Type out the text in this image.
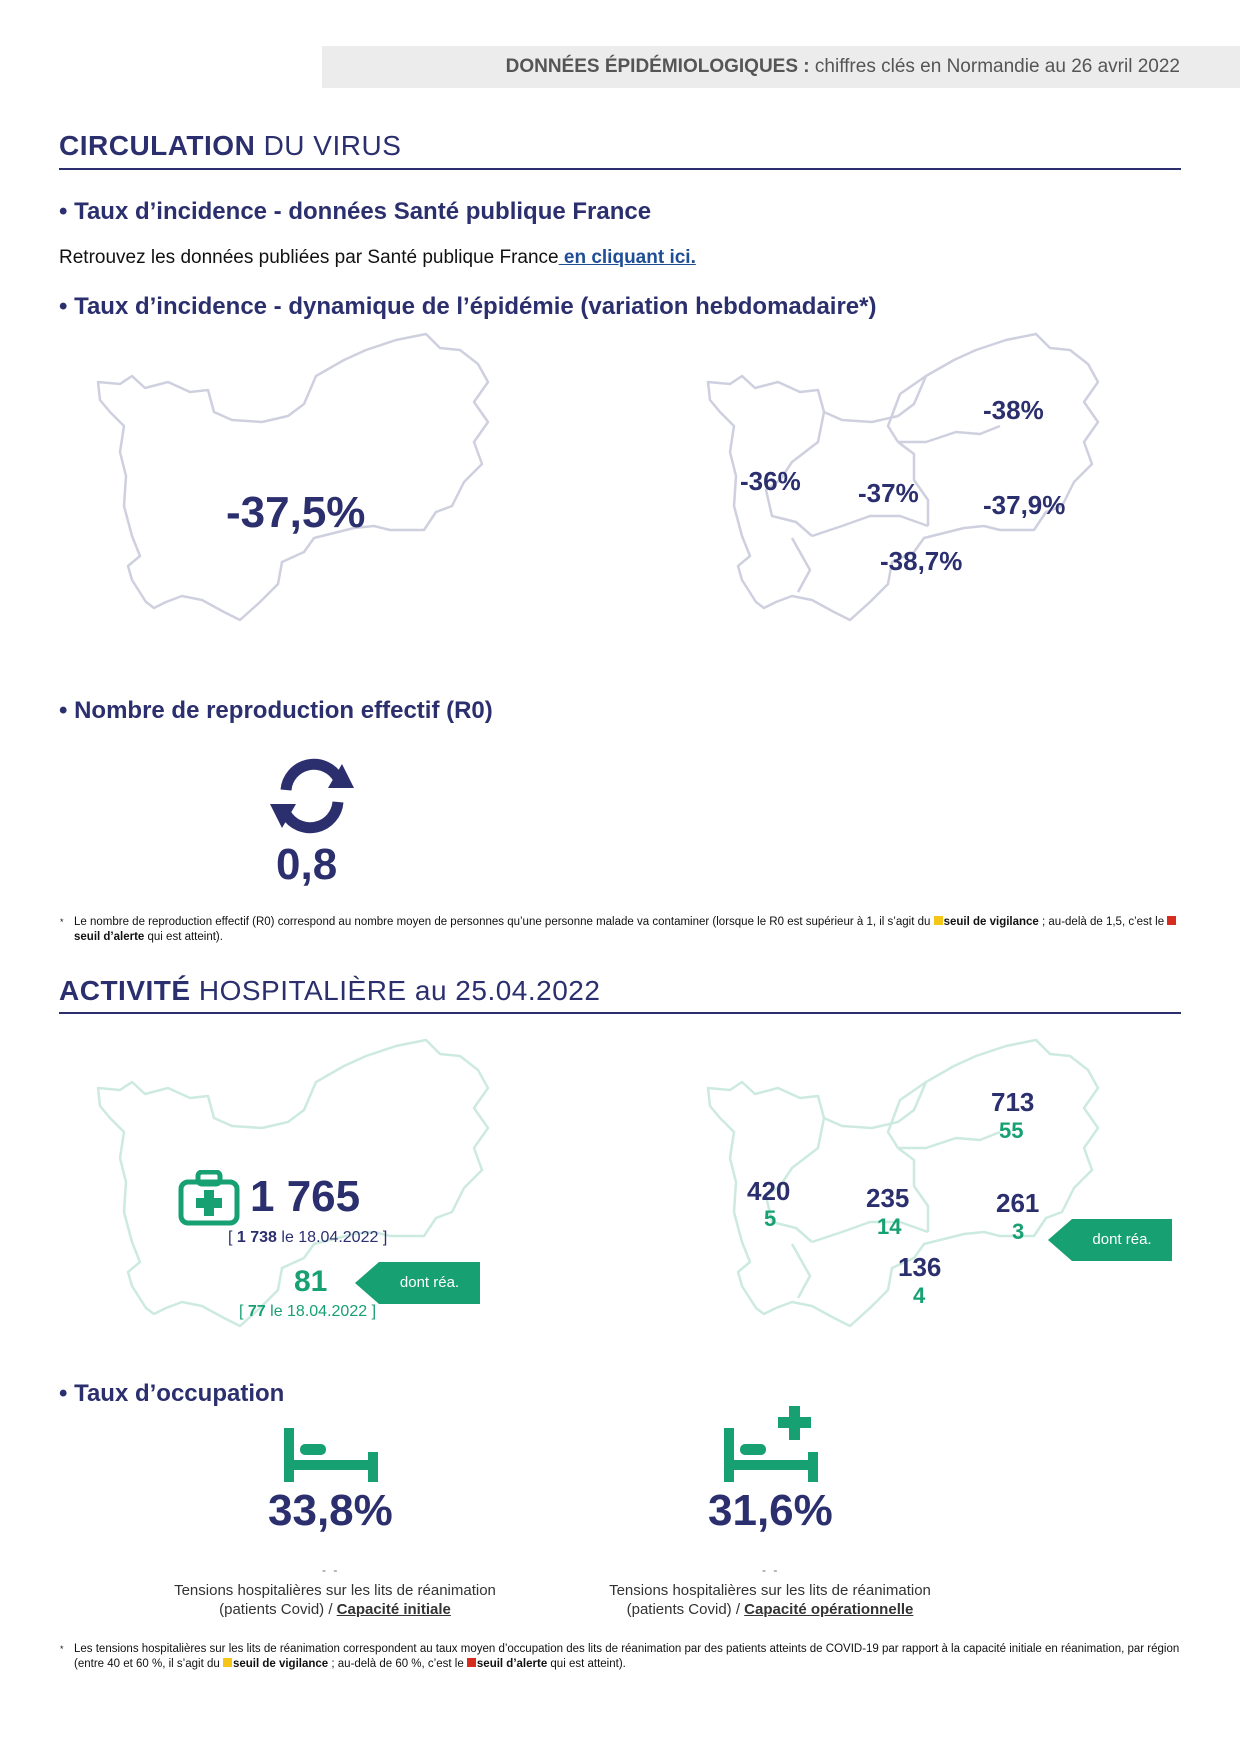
DONNÉES ÉPIDÉMIOLOGIQUES : chiffres clés en Normandie au 26 avril 2022
CIRCULATION DU VIRUS
• Taux d’incidence - données Santé publique France
Retrouvez les données publiées par Santé publique France en cliquant ici.
• Taux d’incidence - dynamique de l’épidémie (variation hebdomadaire*)
-37,5%
-36% -37%
-38%
-37,9%
-38,7%
• Nombre de reproduction effectif (R0)
0,8
* Le nombre de reproduction effectif (R0) correspond au nombre moyen de personnes qu’une personne malade va contaminer (lorsque le R0 est supérieur à 1, il s’agit du seuil de vigilance ; au-delà de 1,5, c’est le seuil d’alerte qui est atteint).
ACTIVITÉ HOSPITALIÈRE au 25.04.2022
1 765
[ 1 738 le 18.04.2022 ]
81
[ 77 le 18.04.2022 ]
dont réa.
420
5
235
14
713
55
261
3
136
4
dont réa.
• Taux d’occupation
33,8%	31,6%
- -
Tensions hospitalières sur les lits de réanimation
(patients Covid) / Capacité initiale
- -
Tensions hospitalières sur les lits de réanimation
(patients Covid) / Capacité opérationnelle
* Les tensions hospitalières sur les lits de réanimation correspondent au taux moyen d’occupation des lits de réanimation par des patients atteints de COVID-19 par rapport à la capacité initiale en réanimation, par région (entre 40 et 60 %, il s’agit du seuil de vigilance ; au-delà de 60 %, c’est le seuil d’alerte qui est atteint).
